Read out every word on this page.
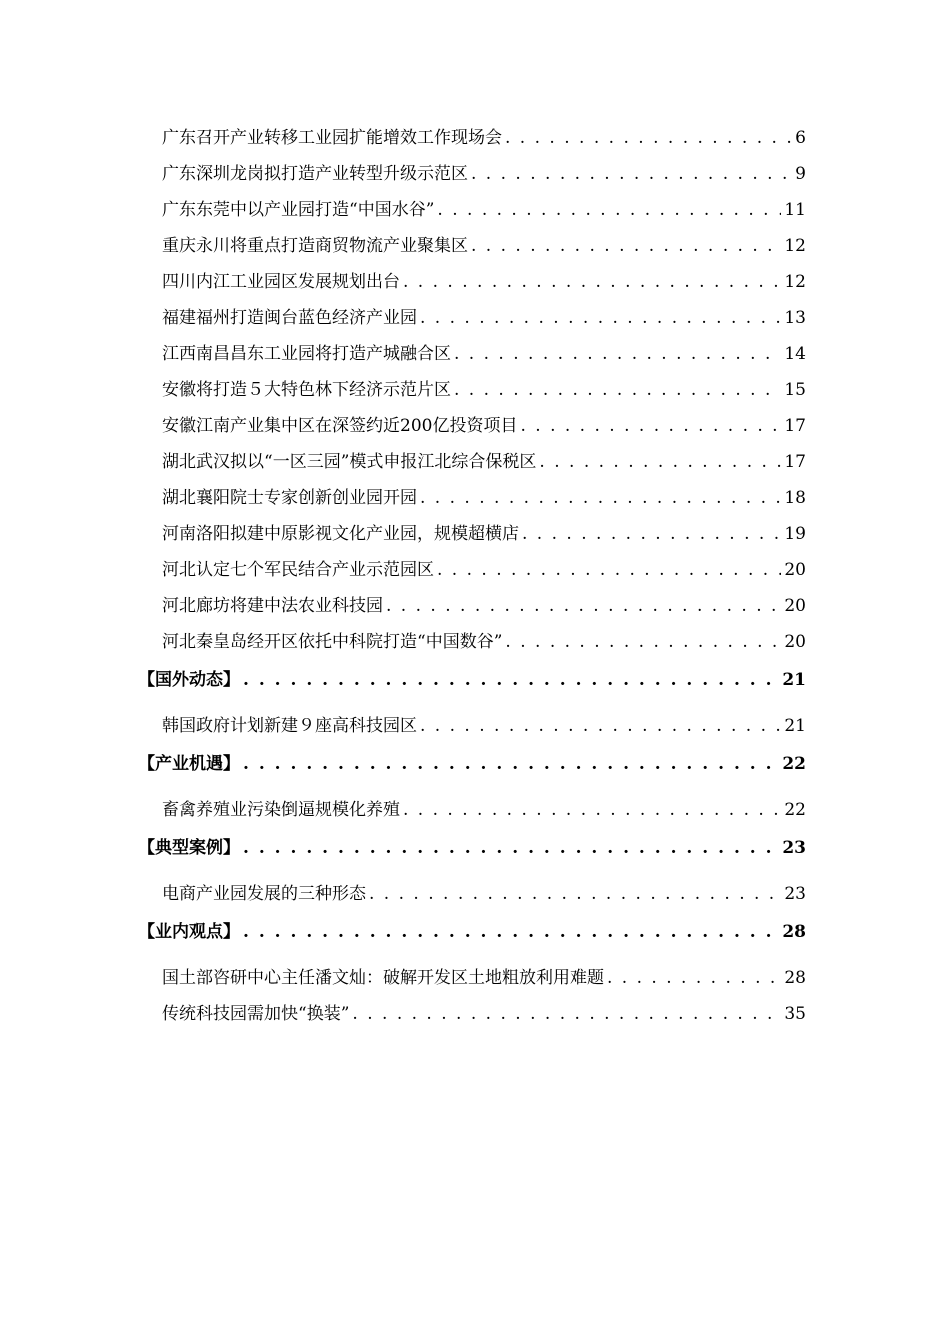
广东召开产业转移工业园扩能增效工作现场会 . . .	6
广东深圳龙岗拟打造产业转型升级示范区 . . .	9
广东东莞中以产业园打造“中国水谷” . . .	11
重庆永川将重点打造商贸物流产业聚集区 . . .	12
四川内江工业园区发展规划出台 . . .	12
福建福州打造闽台蓝色经济产业园 . . .	13
江西南昌昌东工业园将打造产城融合区 . . .	14
安徽将打造５大特色林下经济示范片区 . . .	15
安徽江南产业集中区在深签约近200亿投资项目 . . .	17
湖北武汉拟以“一区三园”模式申报江北综合保税区 . . .	17
湖北襄阳院士专家创新创业园开园 . . .	18
河南洛阳拟建中原影视文化产业园，规模超横店 . . .	19
河北认定七个军民结合产业示范园区 . . .	20
河北廊坊将建中法农业科技园 . . .	20
河北秦皇岛经开区依托中科院打造“中国数谷” . . .	20
【国外动态】 . . .	21
韩国政府计划新建９座高科技园区 . . .	21
【产业机遇】 . . .	22
畜禽养殖业污染倒逼规模化养殖 . . .	22
【典型案例】 . . .	23
电商产业园发展的三种形态 . . .	23
【业内观点】 . . .	28
国土部咨研中心主任潘文灿：破解开发区土地粗放利用难题 . . .	28
传统科技园需加快“换装” . . .	35
